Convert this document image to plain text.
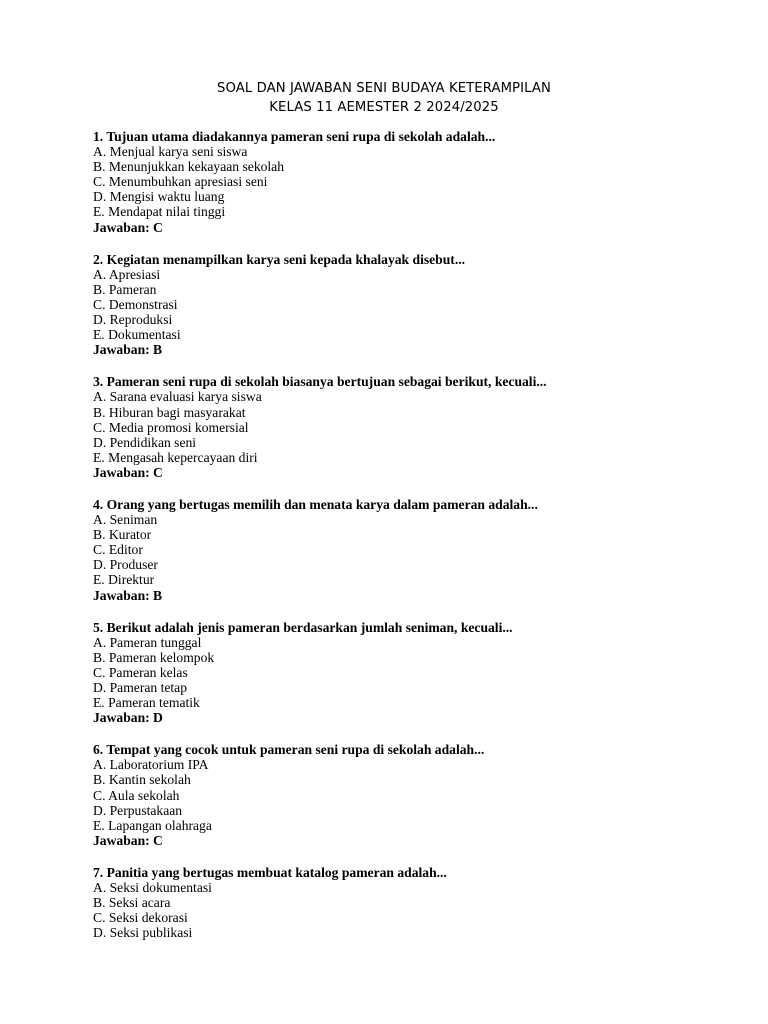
SOAL DAN JAWABAN SENI BUDAYA KETERAMPILAN
KELAS 11 AEMESTER 2 2024/2025
1. Tujuan utama diadakannya pameran seni rupa di sekolah adalah...
A. Menjual karya seni siswa
B. Menunjukkan kekayaan sekolah
C. Menumbuhkan apresiasi seni
D. Mengisi waktu luang
E. Mendapat nilai tinggi
Jawaban: C
2. Kegiatan menampilkan karya seni kepada khalayak disebut...
A. Apresiasi
B. Pameran
C. Demonstrasi
D. Reproduksi
E. Dokumentasi
Jawaban: B
3. Pameran seni rupa di sekolah biasanya bertujuan sebagai berikut, kecuali...
A. Sarana evaluasi karya siswa
B. Hiburan bagi masyarakat
C. Media promosi komersial
D. Pendidikan seni
E. Mengasah kepercayaan diri
Jawaban: C
4. Orang yang bertugas memilih dan menata karya dalam pameran adalah...
A. Seniman
B. Kurator
C. Editor
D. Produser
E. Direktur
Jawaban: B
5. Berikut adalah jenis pameran berdasarkan jumlah seniman, kecuali...
A. Pameran tunggal
B. Pameran kelompok
C. Pameran kelas
D. Pameran tetap
E. Pameran tematik
Jawaban: D
6. Tempat yang cocok untuk pameran seni rupa di sekolah adalah...
A. Laboratorium IPA
B. Kantin sekolah
C. Aula sekolah
D. Perpustakaan
E. Lapangan olahraga
Jawaban: C
7. Panitia yang bertugas membuat katalog pameran adalah...
A. Seksi dokumentasi
B. Seksi acara
C. Seksi dekorasi
D. Seksi publikasi
